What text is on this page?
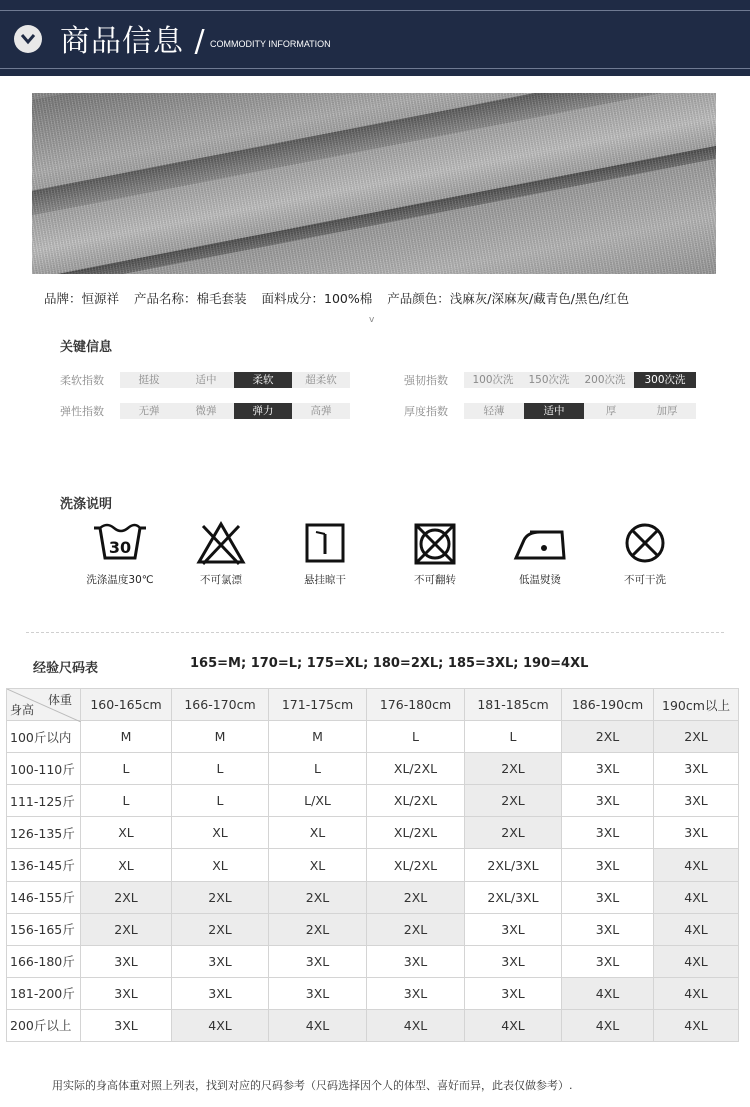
商品信息 / COMMODITY INFORMATION
品牌：恒源祥 产品名称：棉毛套装 面料成分：100%棉 产品颜色：浅麻灰/深麻灰/藏青色/黑色/红色
v
关键信息
柔软指数	挺拔	适中	柔软	超柔软	强韧指数	100次洗	150次洗	200次洗	300次洗
弹性指数	无弹	微弹	弹力	高弹	厚度指数	轻薄	适中	厚	加厚
洗涤说明
30
洗涤温度30℃	不可氯漂	悬挂晾干	不可翻转	低温熨烫	不可干洗
经验尺码表	165=M; 170=L; 175=XL; 180=2XL; 185=3XL; 190=4XL
体重
身高	160-165cm	166-170cm	171-175cm	176-180cm	181-185cm	186-190cm	190cm以上
100斤以内	M	M	M	L	L	2XL	2XL
100-110斤	L	L	L	XL/2XL	2XL	3XL	3XL
111-125斤	L	L	L/XL	XL/2XL	2XL	3XL	3XL
126-135斤	XL	XL	XL	XL/2XL	2XL	3XL	3XL
136-145斤	XL	XL	XL	XL/2XL	2XL/3XL	3XL	4XL
146-155斤	2XL	2XL	2XL	2XL	2XL/3XL	3XL	4XL
156-165斤	2XL	2XL	2XL	2XL	3XL	3XL	4XL
166-180斤	3XL	3XL	3XL	3XL	3XL	3XL	4XL
181-200斤	3XL	3XL	3XL	3XL	3XL	4XL	4XL
200斤以上	3XL	4XL	4XL	4XL	4XL	4XL	4XL
用实际的身高体重对照上列表，找到对应的尺码参考（尺码选择因个人的体型、喜好而异，此表仅做参考）.
